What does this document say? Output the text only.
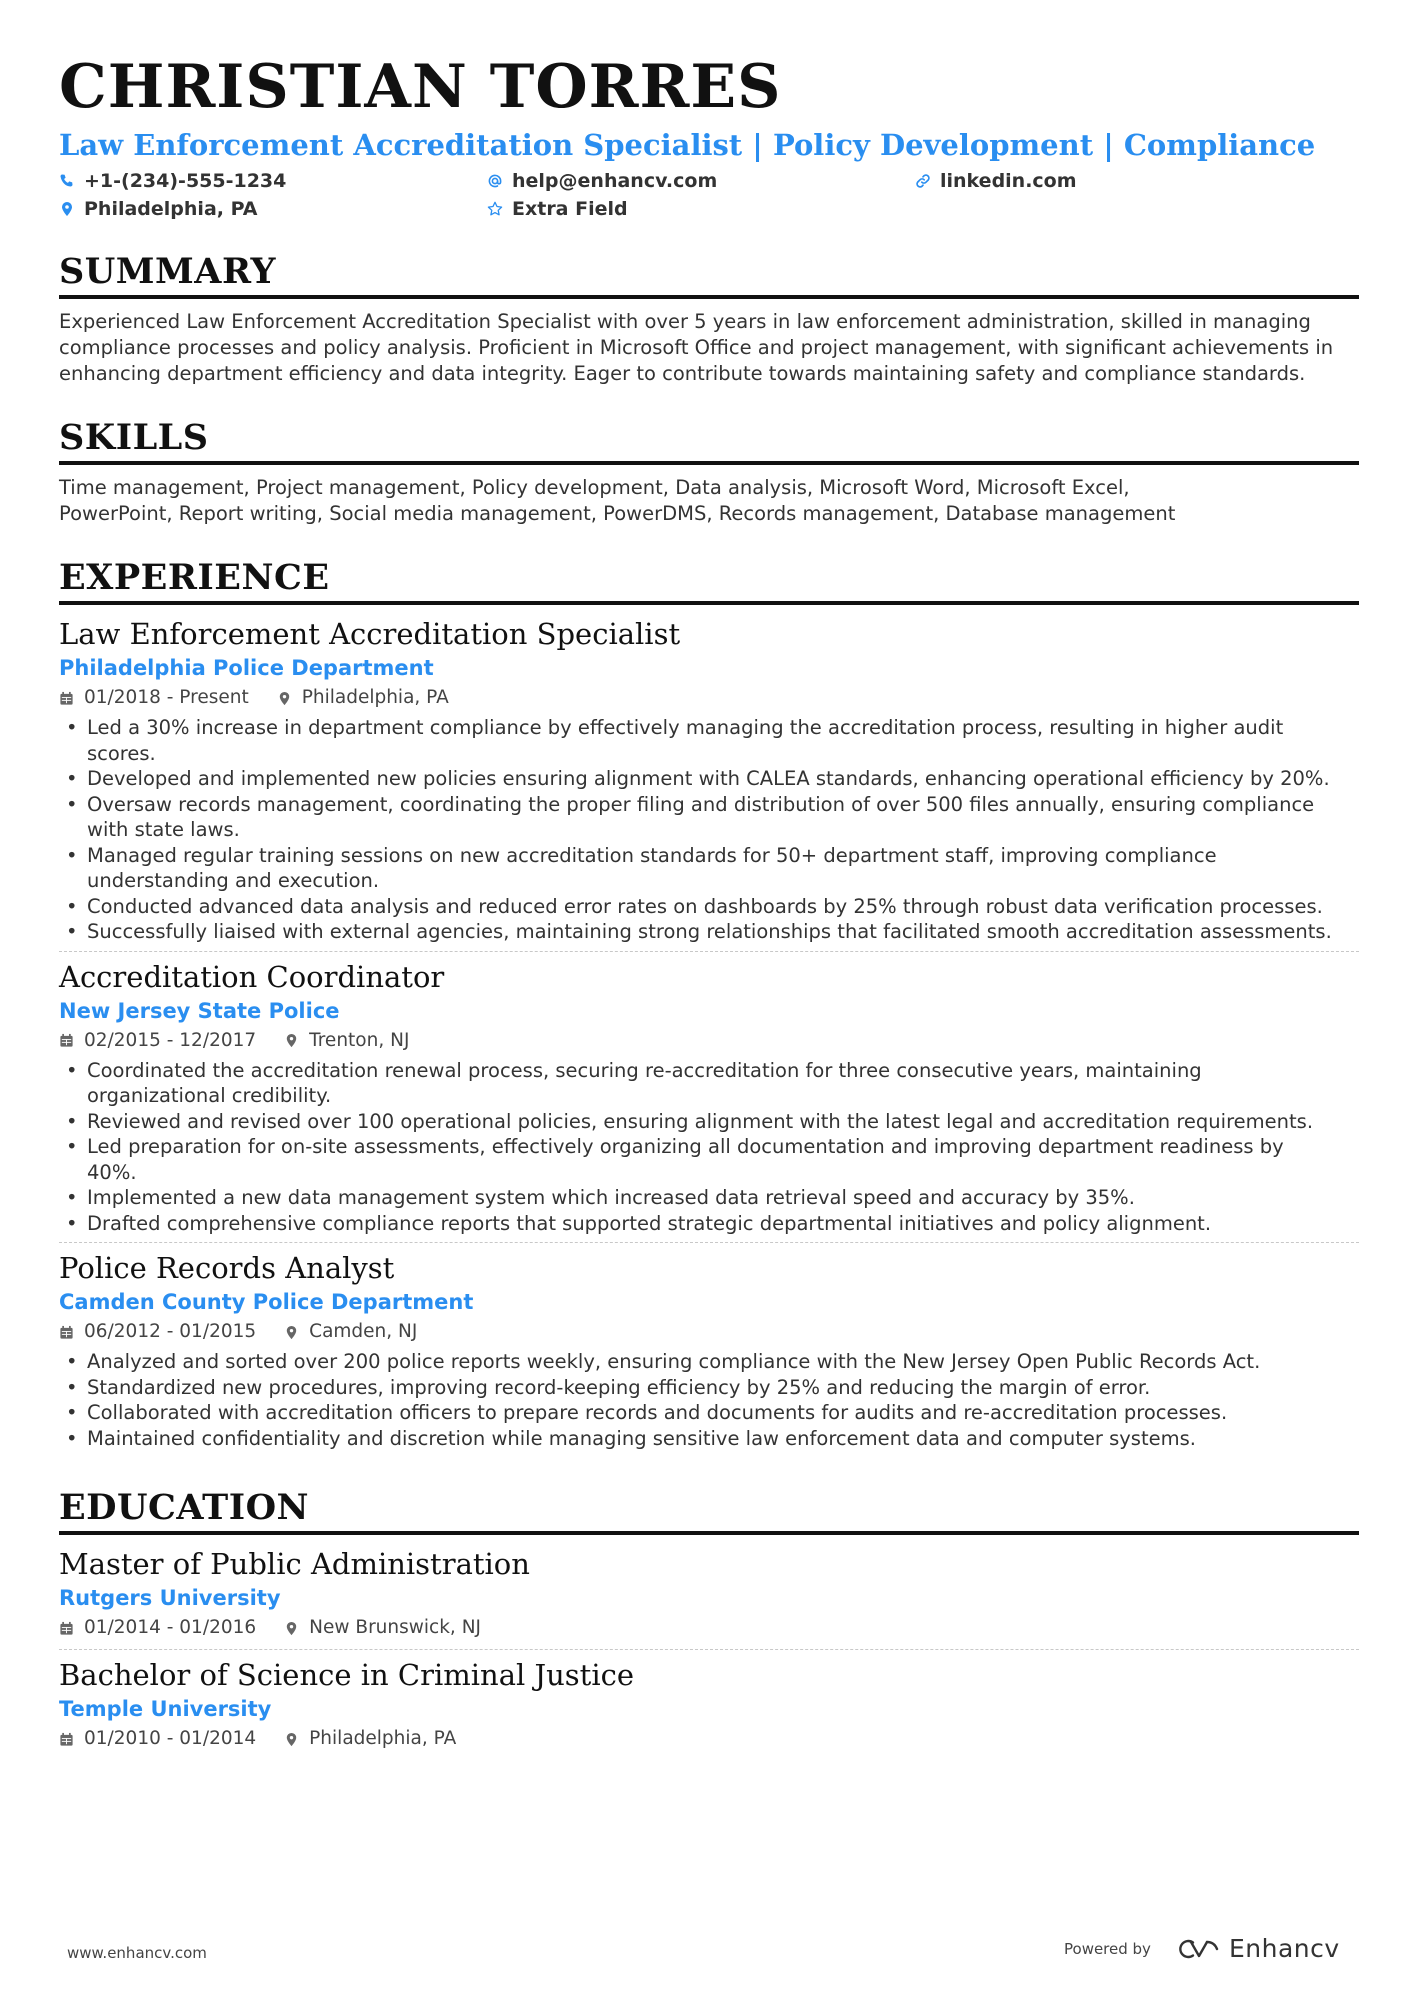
CHRISTIAN TORRES
Law Enforcement Accreditation Specialist | Policy Development | Compliance
+1-(234)-555-1234	help@enhancv.com	linkedin.com
Philadelphia, PA	Extra Field
SUMMARY

Experienced Law Enforcement Accreditation Specialist with over 5 years in law enforcement administration, skilled in managing
compliance processes and policy analysis. Proficient in Microsoft Office and project management, with significant achievements in
enhancing department efficiency and data integrity. Eager to contribute towards maintaining safety and compliance standards.

SKILLS

Time management, Project management, Policy development, Data analysis, Microsoft Word, Microsoft Excel,
PowerPoint, Report writing, Social media management, PowerDMS, Records management, Database management

EXPERIENCE
Law Enforcement Accreditation Specialist
Philadelphia Police Department
01/2018 - Present	Philadelphia, PA
• Led a 30% increase in department compliance by effectively managing the accreditation process, resulting in higher audit
scores.
• Developed and implemented new policies ensuring alignment with CALEA standards, enhancing operational efficiency by 20%.
• Oversaw records management, coordinating the proper filing and distribution of over 500 files annually, ensuring compliance
with state laws.
• Managed regular training sessions on new accreditation standards for 50+ department staff, improving compliance
understanding and execution.
• Conducted advanced data analysis and reduced error rates on dashboards by 25% through robust data verification processes.
• Successfully liaised with external agencies, maintaining strong relationships that facilitated smooth accreditation assessments.
Accreditation Coordinator
New Jersey State Police
02/2015 - 12/2017	Trenton, NJ
• Coordinated the accreditation renewal process, securing re-accreditation for three consecutive years, maintaining
organizational credibility.
• Reviewed and revised over 100 operational policies, ensuring alignment with the latest legal and accreditation requirements.
• Led preparation for on-site assessments, effectively organizing all documentation and improving department readiness by
40%.
• Implemented a new data management system which increased data retrieval speed and accuracy by 35%.
• Drafted comprehensive compliance reports that supported strategic departmental initiatives and policy alignment.
Police Records Analyst
Camden County Police Department
06/2012 - 01/2015	Camden, NJ
• Analyzed and sorted over 200 police reports weekly, ensuring compliance with the New Jersey Open Public Records Act.
• Standardized new procedures, improving record-keeping efficiency by 25% and reducing the margin of error.
• Collaborated with accreditation officers to prepare records and documents for audits and re-accreditation processes.
• Maintained confidentiality and discretion while managing sensitive law enforcement data and computer systems.
EDUCATION
Master of Public Administration
Rutgers University
01/2014 - 01/2016	New Brunswick, NJ
Bachelor of Science in Criminal Justice
Temple University
01/2010 - 01/2014	Philadelphia, PA
www.enhancv.com	Powered by	Enhancv
